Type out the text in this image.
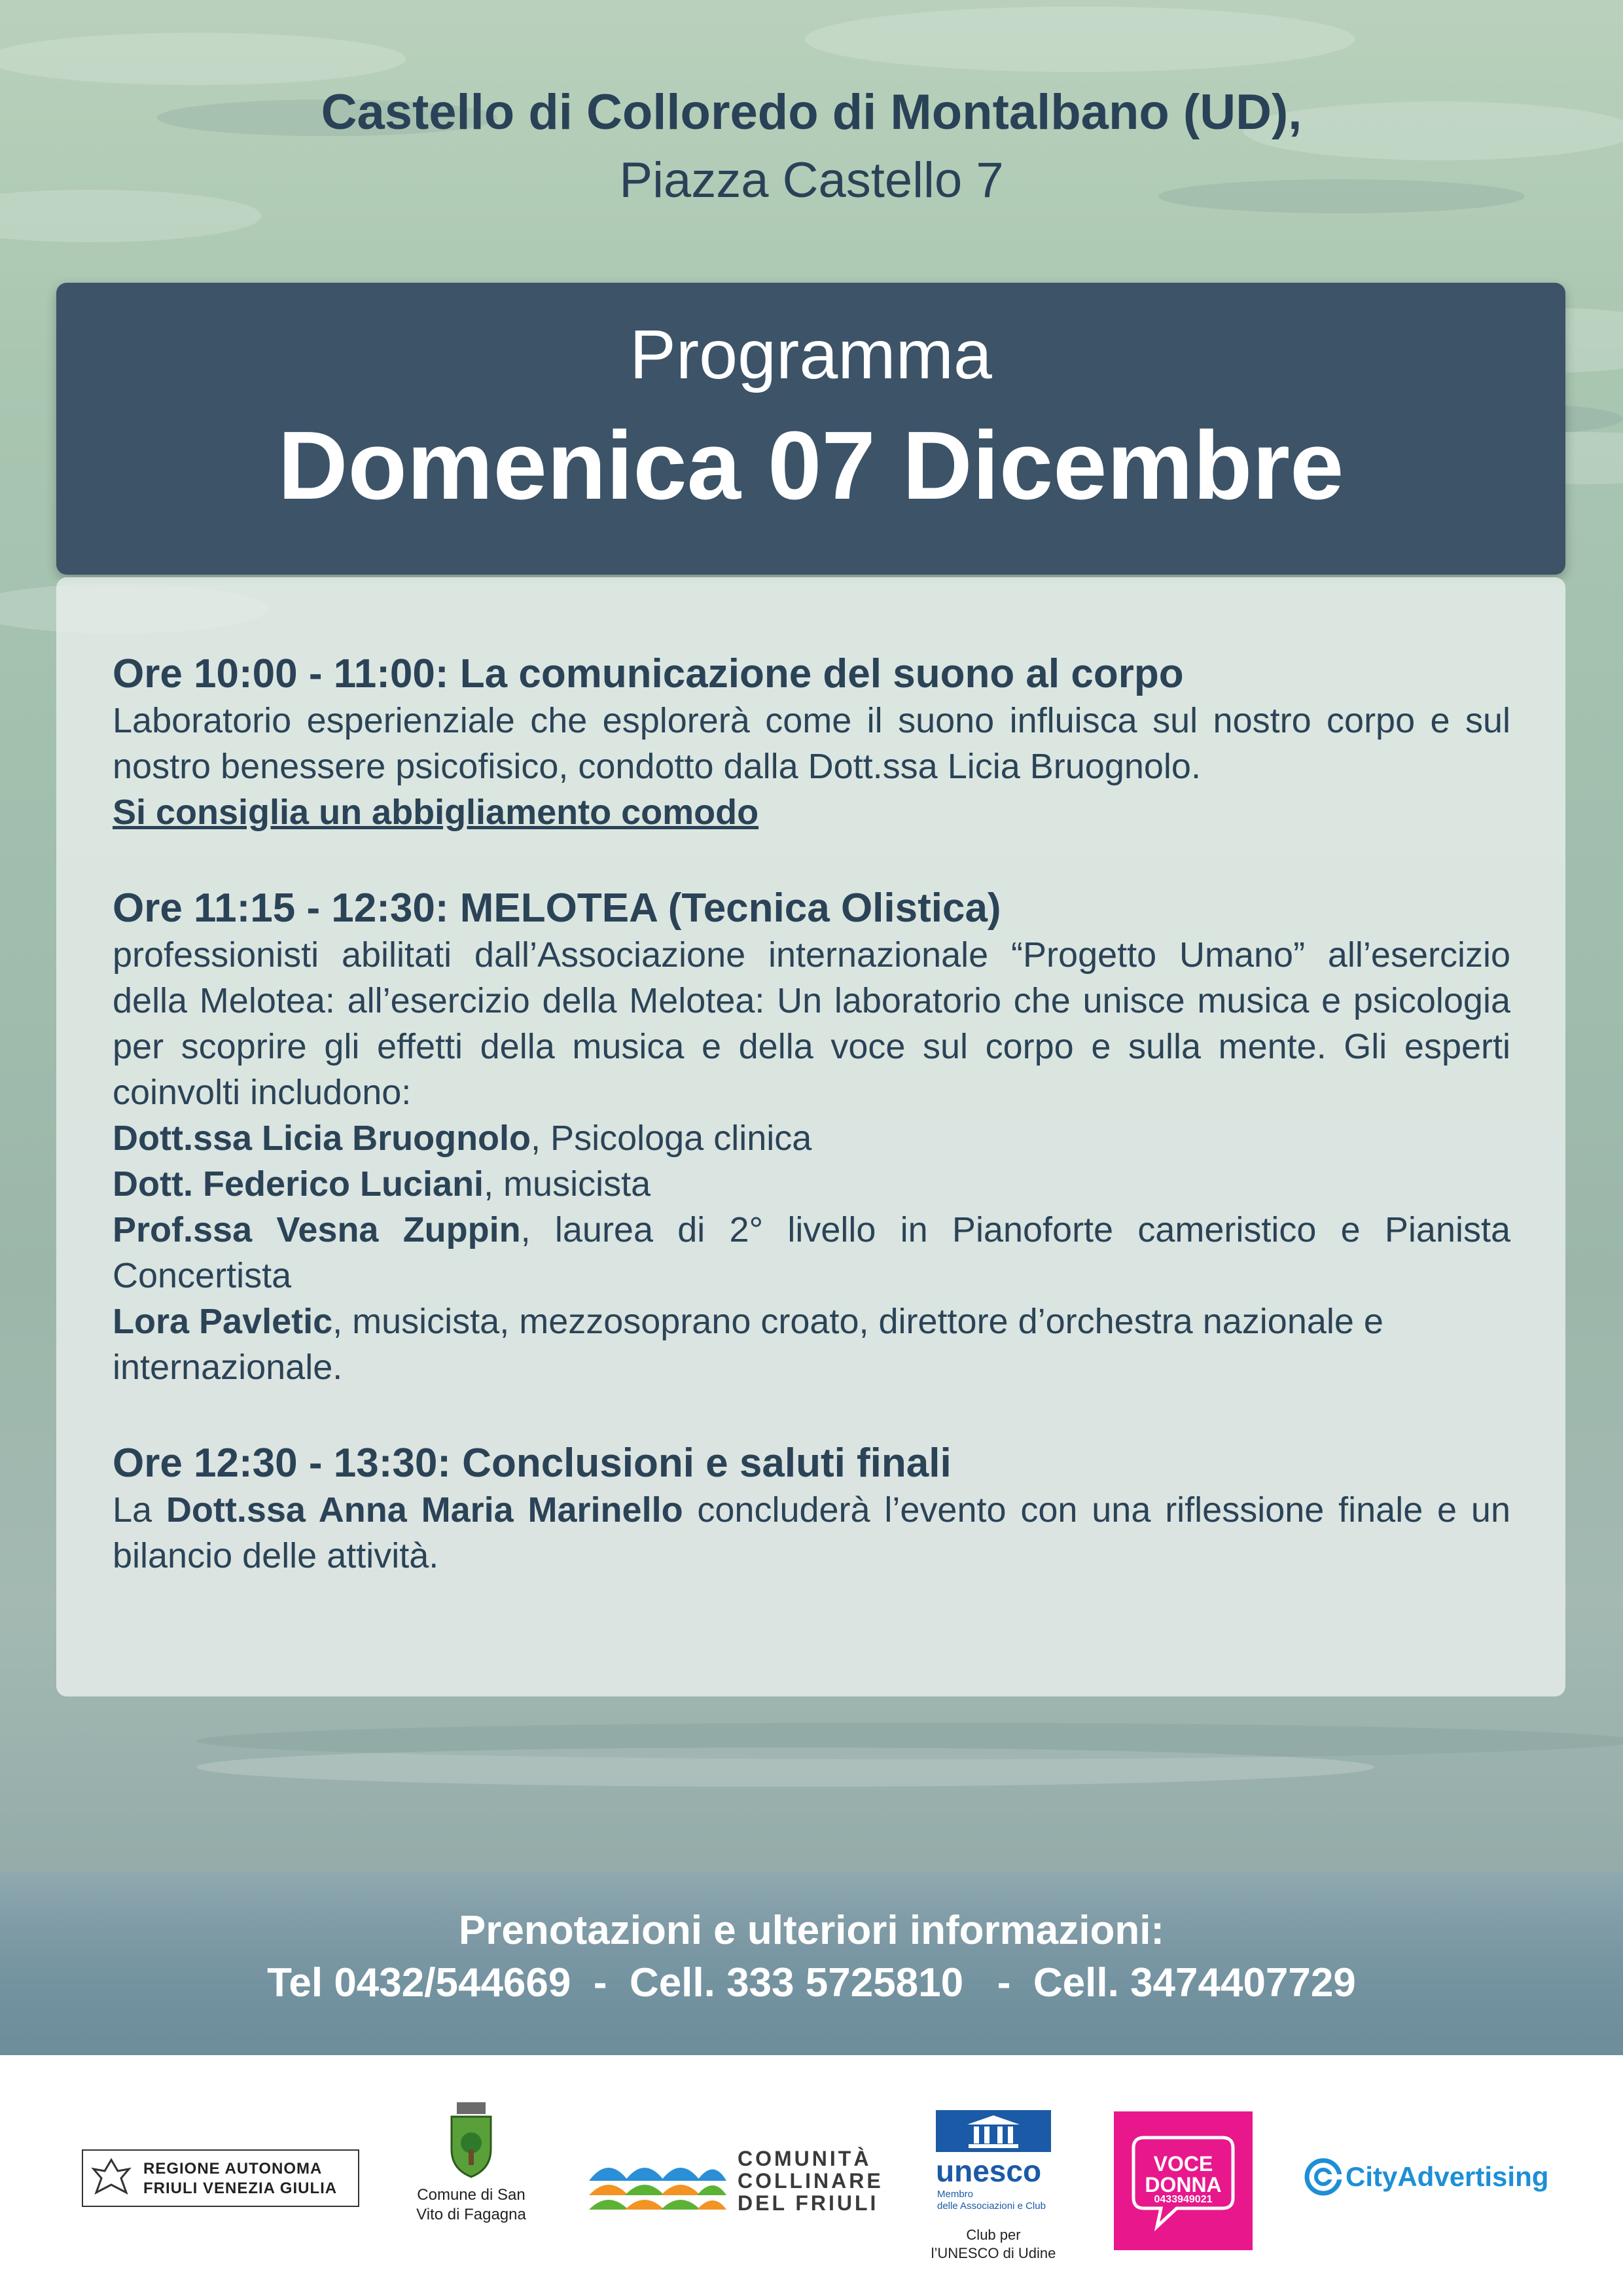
Castello di Colloredo di Montalbano (UD),
Piazza Castello 7
Programma
Domenica 07 Dicembre
Ore 10:00 - 11:00: La comunicazione del suono al corpo
Laboratorio esperienziale che esplorerà come il suono influisca sul nostro corpo e sul nostro benessere psicofisico, condotto dalla Dott.ssa Licia Bruognolo.
Si consiglia un abbigliamento comodo
Ore 11:15 - 12:30: MELOTEA (Tecnica Olistica)
professionisti abilitati dall’Associazione internazionale “Progetto Umano” all’esercizio della Melotea: all’esercizio della Melotea: Un laboratorio che unisce musica e psicologia per scoprire gli effetti della musica e della voce sul corpo e sulla mente. Gli esperti coinvolti includono:
Dott.ssa Licia Bruognolo, Psicologa clinica
Dott. Federico Luciani, musicista
Prof.ssa Vesna Zuppin, laurea di 2° livello in Pianoforte cameristico e Pianista Concertista
Lora Pavletic, musicista, mezzosoprano croato, direttore d’orchestra nazionale e internazionale.
Ore 12:30 - 13:30: Conclusioni e saluti finali
La Dott.ssa Anna Maria Marinello concluderà l’evento con una riflessione finale e un bilancio delle attività.
Prenotazioni e ulteriori informazioni:
Tel 0432/544669  -  Cell. 333 5725810   -  Cell. 3474407729
REGIONE AUTONOMA
FRIULI VENEZIA GIULIA	Comune di San
Vito di Fagagna
COMUNITÀ
COLLINARE
DEL FRIULI
unesco
Membro
delle Associazioni e Club
Club per
l’UNESCO di Udine
VOCE
DONNA
0433949021
CityAdvertising
